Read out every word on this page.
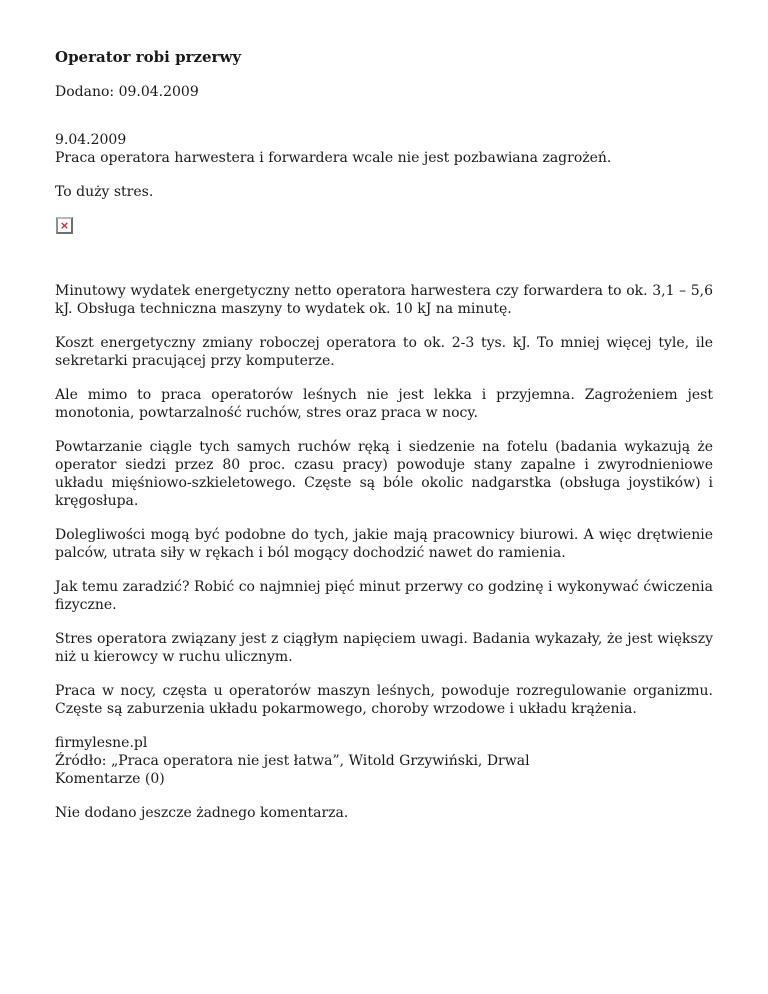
Operator robi przerwy

Dodano: 09.04.2009

9.04.2009
Praca operatora harwestera i forwardera wcale nie jest pozbawiana zagrożeń.

To duży stres.

×

Minutowy wydatek energetyczny netto operatora harwestera czy forwardera to ok. 3,1 – 5,6 kJ. Obsługa techniczna maszyny to wydatek ok. 10 kJ na minutę.

Koszt energetyczny zmiany roboczej operatora to ok. 2-3 tys. kJ. To mniej więcej tyle, ile sekretarki pracującej przy komputerze.

Ale mimo to praca operatorów leśnych nie jest lekka i przyjemna. Zagrożeniem jest monotonia, powtarzalność ruchów, stres oraz praca w nocy.

Powtarzanie ciągle tych samych ruchów ręką i siedzenie na fotelu (badania wykazują że operator siedzi przez 80 proc. czasu pracy) powoduje stany zapalne i zwyrodnieniowe układu mięśniowo-szkieletowego. Częste są bóle okolic nadgarstka (obsługa joystików) i kręgosłupa.

Dolegliwości mogą być podobne do tych, jakie mają pracownicy biurowi. A więc drętwienie palców, utrata siły w rękach i ból mogący dochodzić nawet do ramienia.

Jak temu zaradzić? Robić co najmniej pięć minut przerwy co godzinę i wykonywać ćwiczenia fizyczne.

Stres operatora związany jest z ciągłym napięciem uwagi. Badania wykazały, że jest większy niż u kierowcy w ruchu ulicznym.

Praca w nocy, częsta u operatorów maszyn leśnych, powoduje rozregulowanie organizmu. Częste są zaburzenia układu pokarmowego, choroby wrzodowe i układu krążenia.

firmylesne.pl
Źródło: „Praca operatora nie jest łatwa”, Witold Grzywiński, Drwal
Komentarze (0)

Nie dodano jeszcze żadnego komentarza.
